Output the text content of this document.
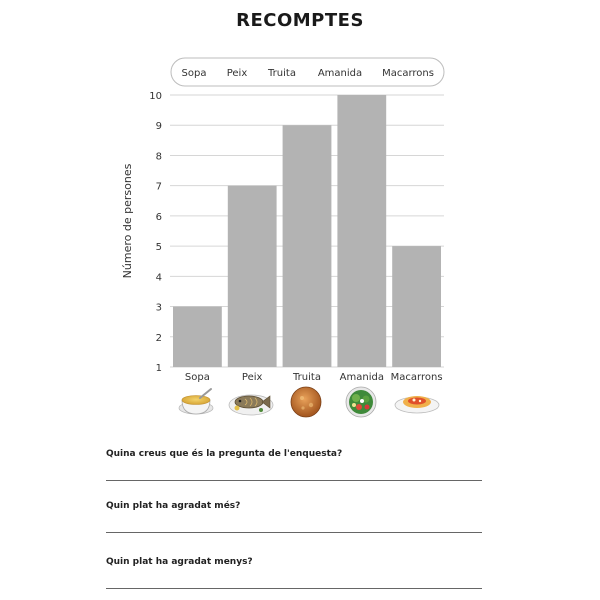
RECOMPTES
Sopa Peix Truita Amanida Macarrons
1
2
3
4
5
6
7
8
9
10
Número de persones
Sopa	Peix	Truita Amanida Macarrons
Quina creus que és la pregunta de l'enquesta?
Quin plat ha agradat més?
Quin plat ha agradat menys?
